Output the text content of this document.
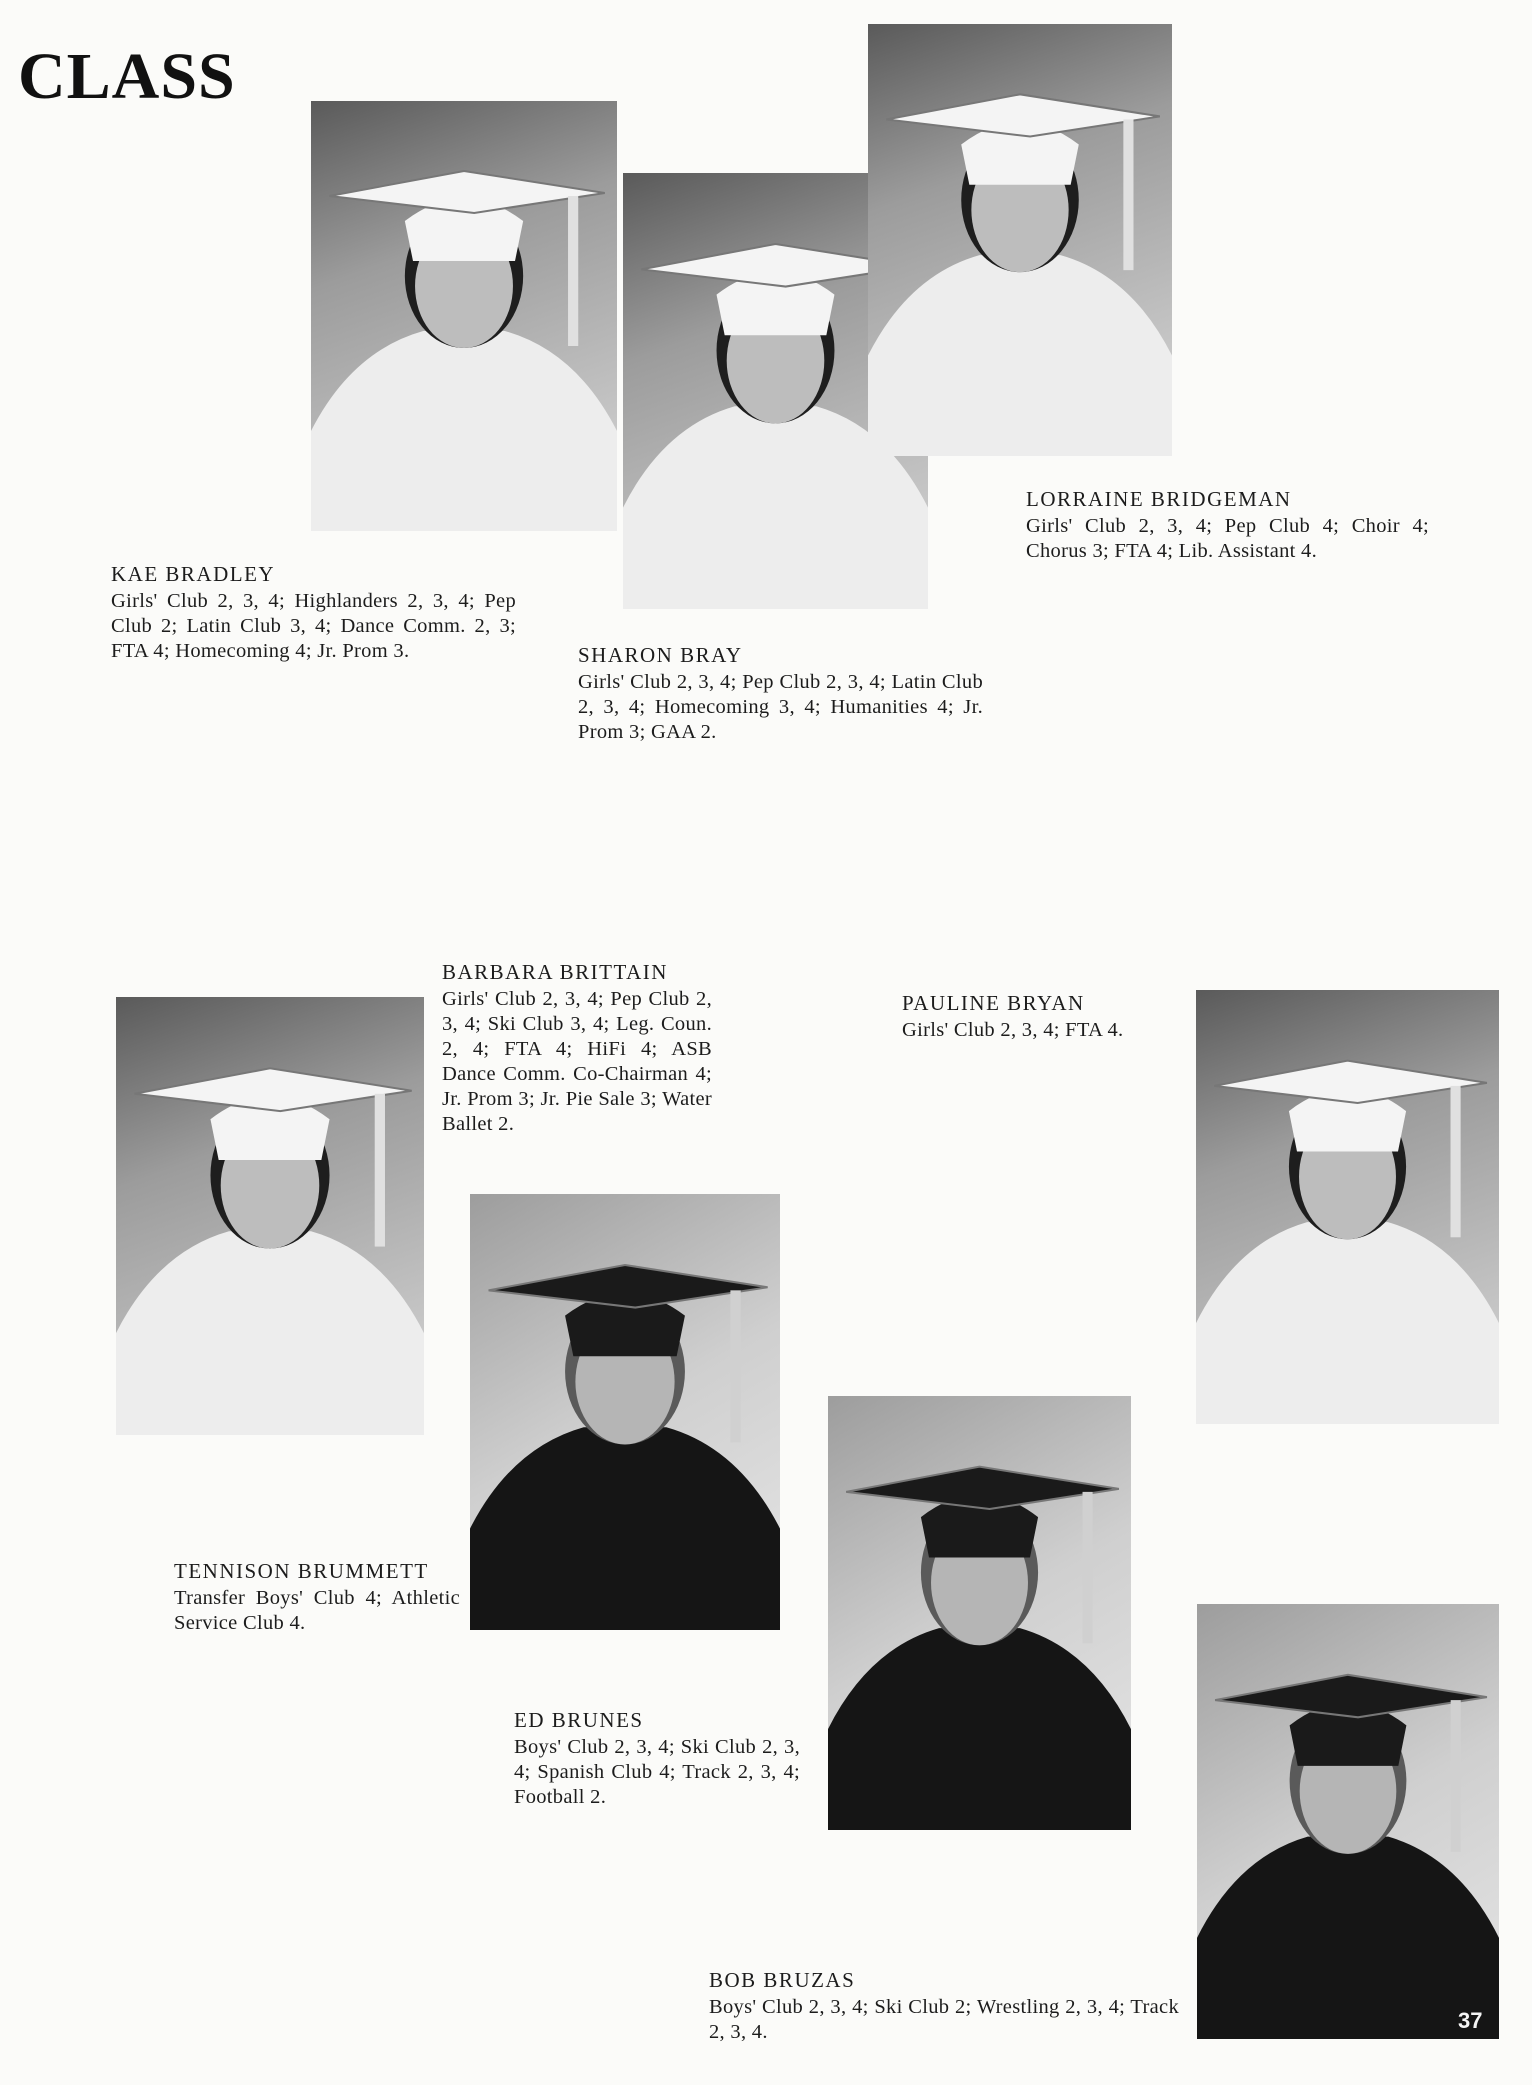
CLASS
KAE BRADLEY
Girls' Club 2, 3, 4; Highlanders 2, 3, 4; Pep Club 2; Latin Club 3, 4; Dance Comm. 2, 3; FTA 4; Homecoming 4; Jr. Prom 3.	SHARON BRAY
Girls' Club 2, 3, 4; Pep Club 2, 3, 4; Latin Club 2, 3, 4; Homecoming 3, 4; Humanities 4; Jr. Prom 3; GAA 2.
LORRAINE BRIDGEMAN
Girls' Club 2, 3, 4; Pep Club 4; Choir 4; Chorus 3; FTA 4; Lib. Assistant 4.
BARBARA BRITTAIN
Girls' Club 2, 3, 4; Pep Club 2, 3, 4; Ski Club 3, 4; Leg. Coun. 2, 4; FTA 4; HiFi 4; ASB Dance Comm. Co-Chairman 4; Jr. Prom 3; Jr. Pie Sale 3; Water Ballet 2.
PAULINE BRYAN
Girls' Club 2, 3, 4; FTA 4.
TENNISON BRUMMETT
Transfer Boys' Club 4; Athletic Service Club 4.
ED BRUNES
Boys' Club 2, 3, 4; Ski Club 2, 3, 4; Spanish Club 4; Track 2, 3, 4; Football 2.
BOB BRUZAS
Boys' Club 2, 3, 4; Ski Club 2; Wrestling 2, 3, 4; Track 2, 3, 4.	37
